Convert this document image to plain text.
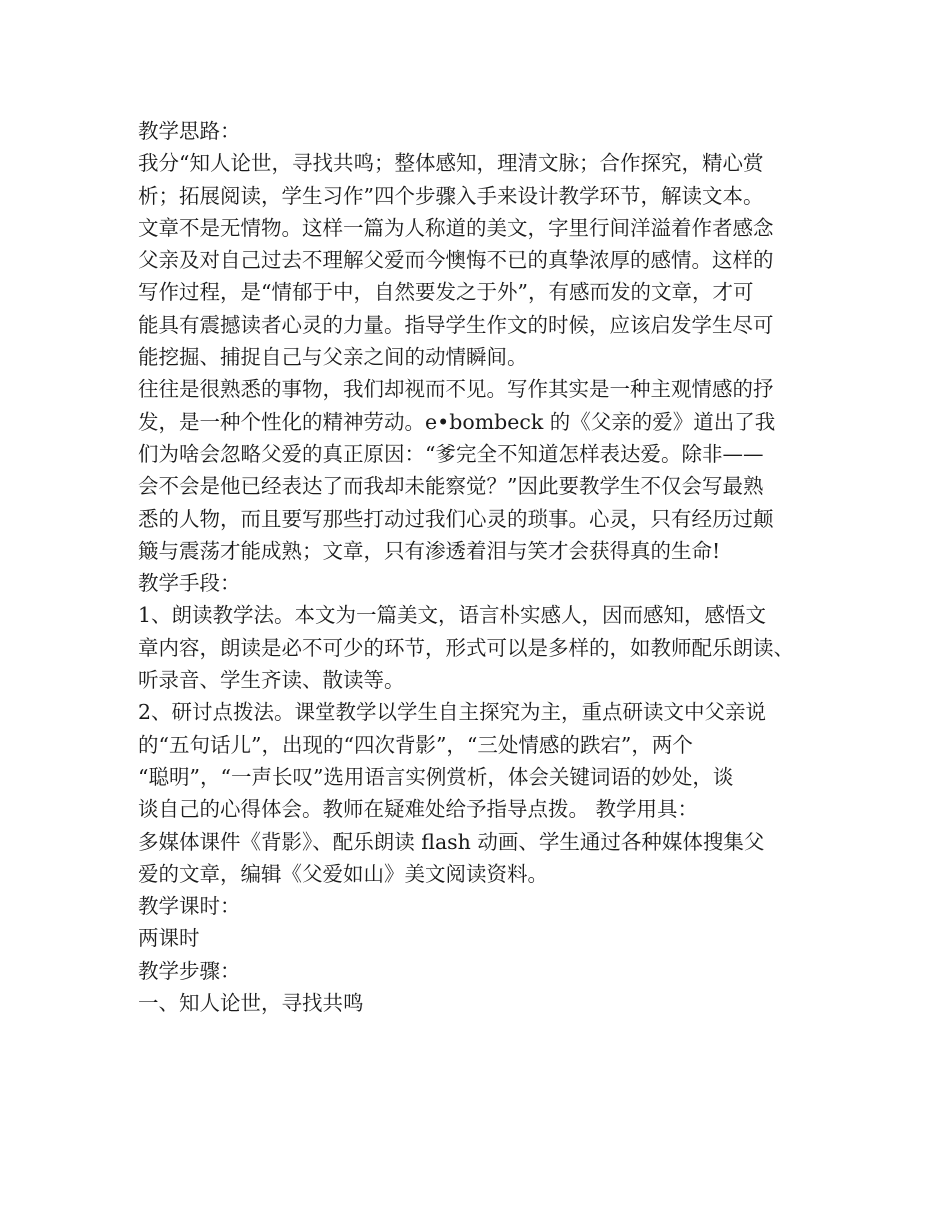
教学思路：
我分“知人论世，寻找共鸣；整体感知，理清文脉；合作探究，精心赏
析；拓展阅读，学生习作”四个步骤入手来设计教学环节，解读文本。
文章不是无情物。这样一篇为人称道的美文，字里行间洋溢着作者感念
父亲及对自己过去不理解父爱而今懊悔不已的真挚浓厚的感情。这样的
写作过程，是“情郁于中，自然要发之于外”，有感而发的文章，才可
能具有震撼读者心灵的力量。指导学生作文的时候，应该启发学生尽可
能挖掘、捕捉自己与父亲之间的动情瞬间。
往往是很熟悉的事物，我们却视而不见。写作其实是一种主观情感的抒
发，是一种个性化的精神劳动。e•bombeck 的《父亲的爱》道出了我
们为啥会忽略父爱的真正原因：“爹完全不知道怎样表达爱。除非——
会不会是他已经表达了而我却未能察觉？”因此要教学生不仅会写最熟
悉的人物，而且要写那些打动过我们心灵的琐事。心灵，只有经历过颠
簸与震荡才能成熟；文章，只有渗透着泪与笑才会获得真的生命!
教学手段：
1、朗读教学法。本文为一篇美文，语言朴实感人，因而感知，感悟文
章内容，朗读是必不可少的环节，形式可以是多样的，如教师配乐朗读、
听录音、学生齐读、散读等。
2、研讨点拨法。课堂教学以学生自主探究为主，重点研读文中父亲说
的“五句话儿”，出现的“四次背影”，“三处情感的跌宕”，两个
“聪明”，“一声长叹”选用语言实例赏析，体会关键词语的妙处，谈
谈自己的心得体会。教师在疑难处给予指导点拨。 教学用具：
多媒体课件《背影》、配乐朗读 flash 动画、学生通过各种媒体搜集父
爱的文章，编辑《父爱如山》美文阅读资料。
教学课时：
两课时
教学步骤：
一、知人论世，寻找共鸣
